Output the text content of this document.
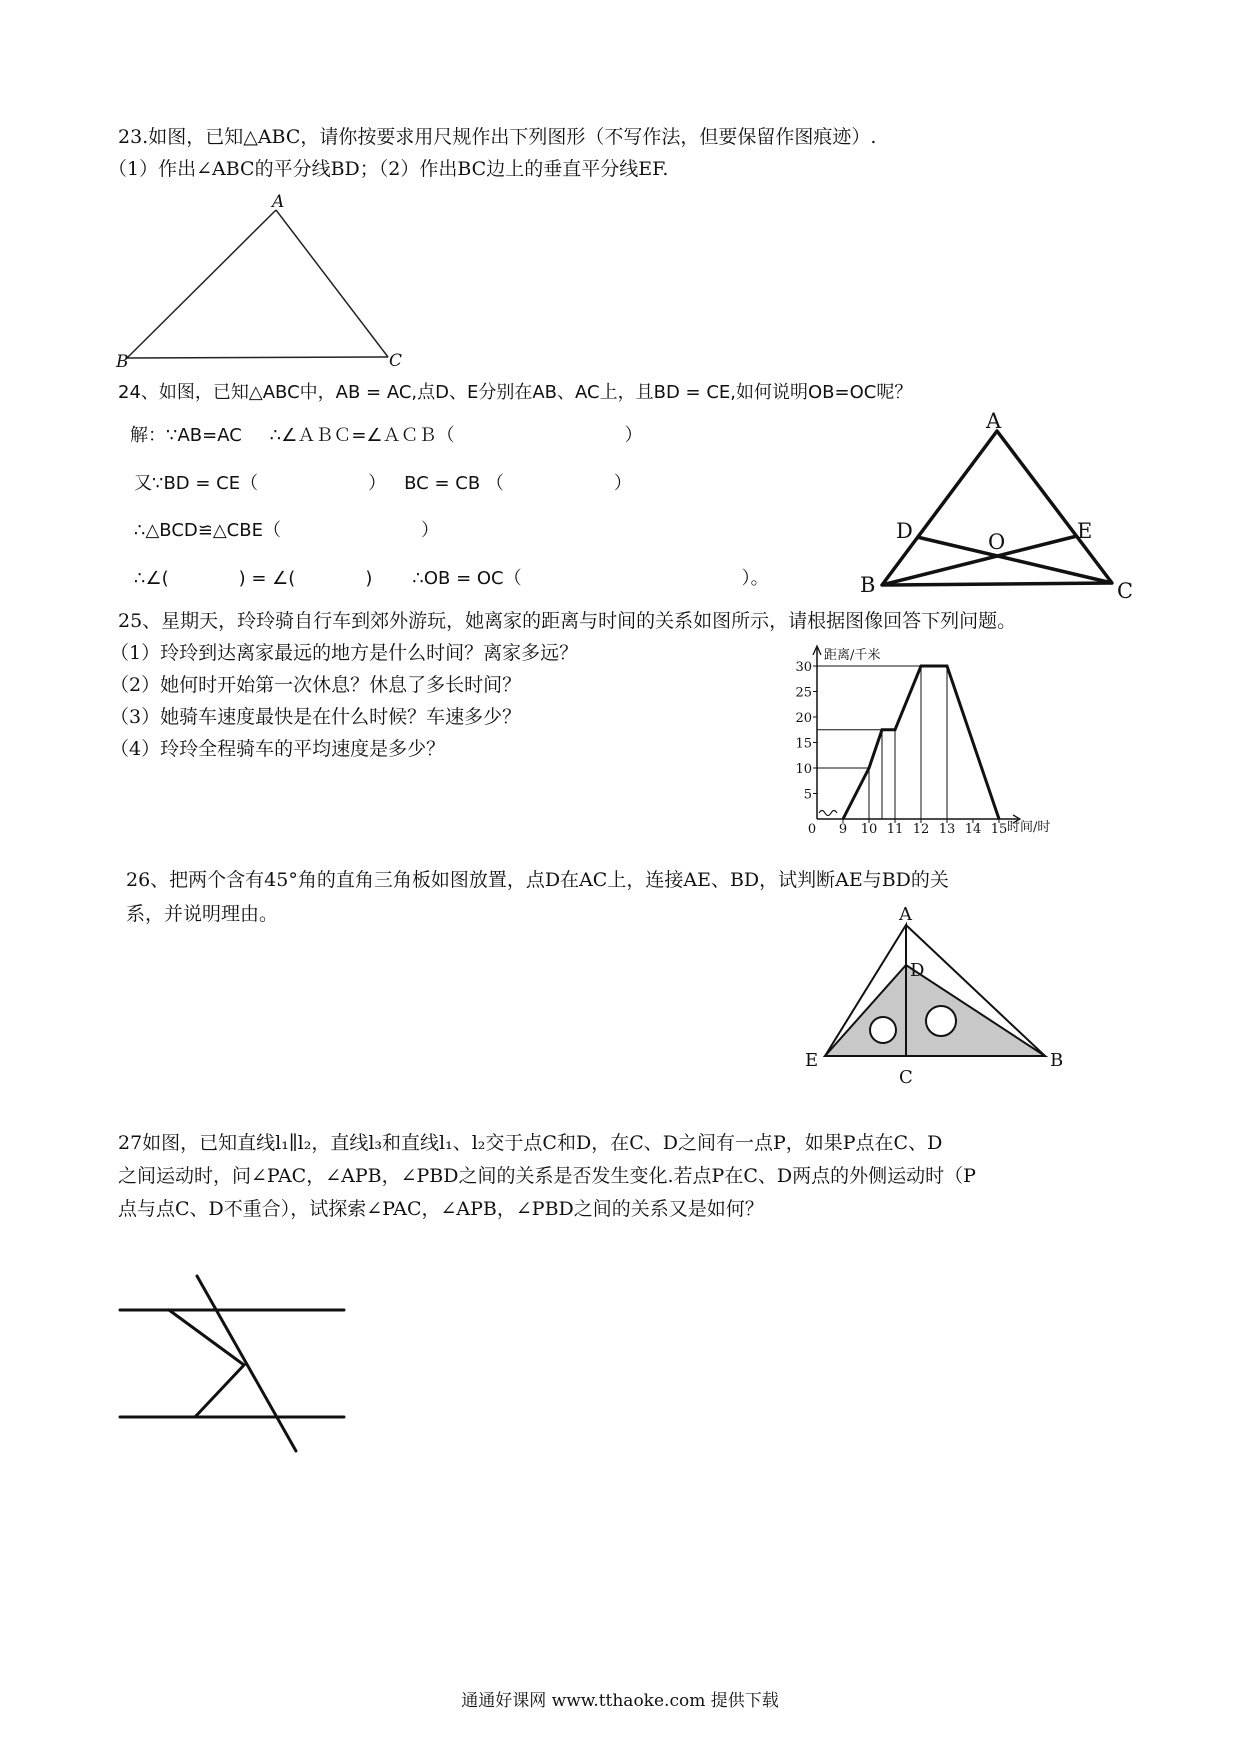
23.如图，已知△ABC，请你按要求用尺规作出下列图形（不写作法，但要保留作图痕迹）.
（1）作出∠ABC的平分线BD；（2）作出BC边上的垂直平分线EF.
A
B	C
24、如图，已知△ABC中，AB = AC,点D、E分别在AB、AC上，且BD = CE,如何说明OB=OC呢？
解：∵AB=AC ∴∠ＡＢＣ=∠ＡＣＢ（	）
又∵BD = CE（	） BC = CB （	）
∴△BCD≌△CBE（	）
∴∠(	) = ∠(	) ∴OB = OC（	）。
A
B	C
D	E
O
25、星期天，玲玲骑自行车到郊外游玩，她离家的距离与时间的关系如图所示，请根据图像回答下列问题。
（1）玲玲到达离家最远的地方是什么时间？离家多远？
（2）她何时开始第一次休息？休息了多长时间？
（3）她骑车速度最快是在什么时候？车速多少？
（4）玲玲全程骑车的平均速度是多少？
5
10
15
20
25
30
0 9 10 11 12 13 14 15
距离/千米
时间/时
26、把两个含有45°角的直角三角板如图放置，点D在AC上，连接AE、BD，试判断AE与BD的关
系，并说明理由。	A
D
E	B
C
27如图，已知直线l₁∥l₂，直线l₃和直线l₁、l₂交于点C和D，在C、D之间有一点P，如果P点在C、D
之间运动时，问∠PAC，∠APB，∠PBD之间的关系是否发生变化.若点P在C、D两点的外侧运动时（P
点与点C、D不重合），试探索∠PAC，∠APB，∠PBD之间的关系又是如何？
通通好课网 www.tthaoke.com 提供下载
